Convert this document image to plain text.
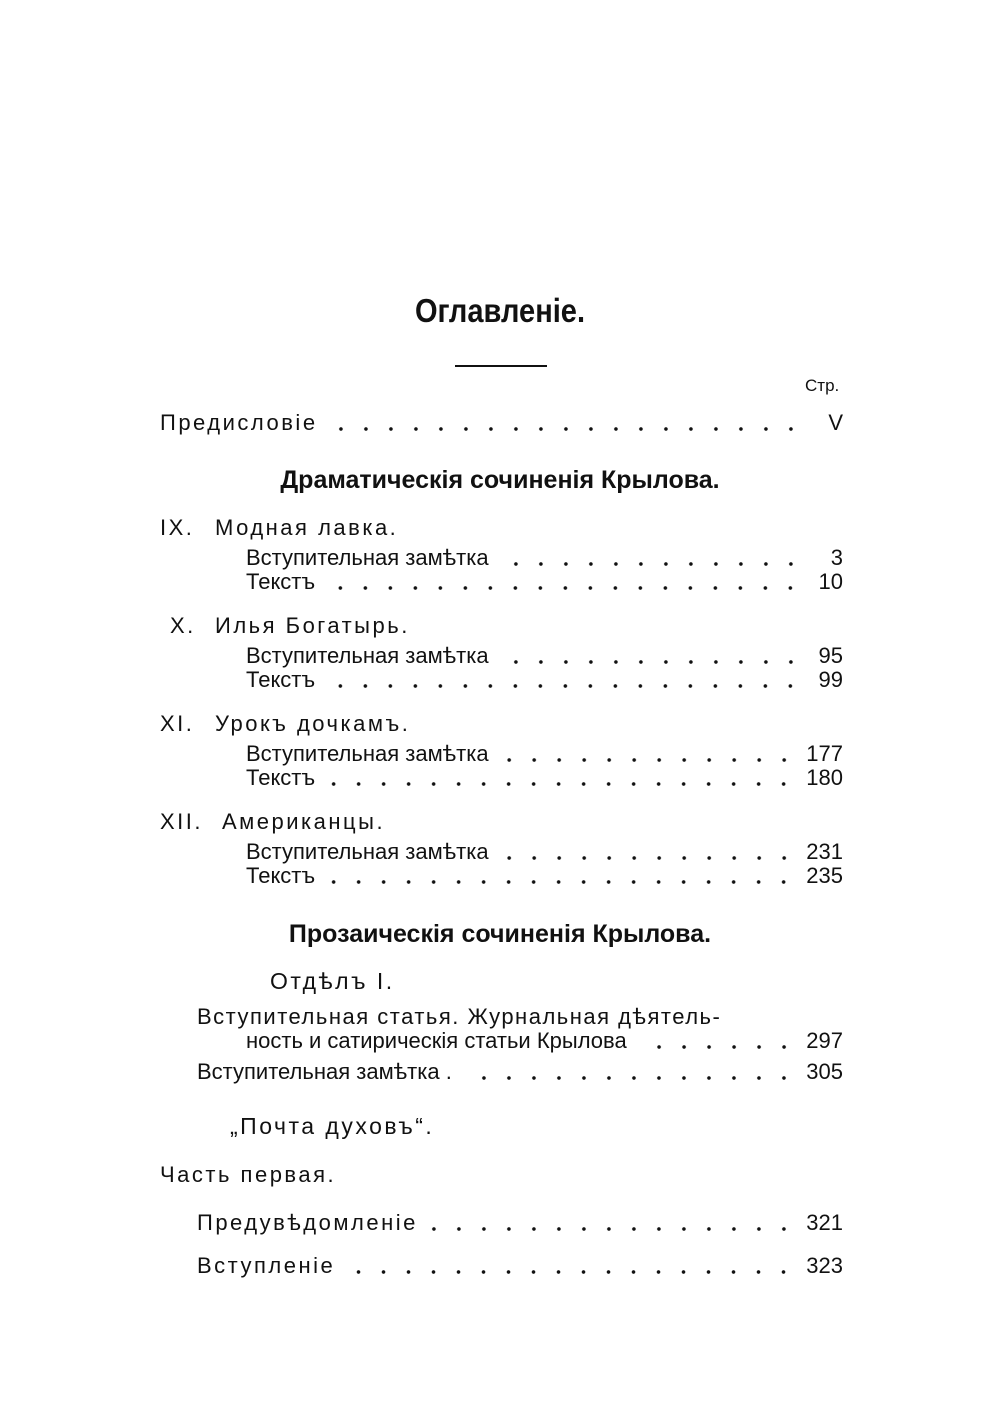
Оглавленіе.
Стр.
Предисловіе	V
Драматическія сочиненія Крылова.
IX. Модная лавка.
Вступительная замѣтка	3
Текстъ	10
X. Илья Богатырь.
Вступительная замѣтка	95
Текстъ	99
XI. Урокъ дочкамъ.
Вступительная замѣтка	177
Текстъ	180
XII. Американцы.
Вступительная замѣтка	231
Текстъ	235
Прозаическія сочиненія Крылова.
Отдѣлъ I.
Вступительная статья. Журнальная дѣятель-
ность и сатирическія статьи Крылова	297
Вступительная замѣтка .	305
„Почта духовъ“.
Часть первая.
Предувѣдомленіе	321
Вступленіе	323
